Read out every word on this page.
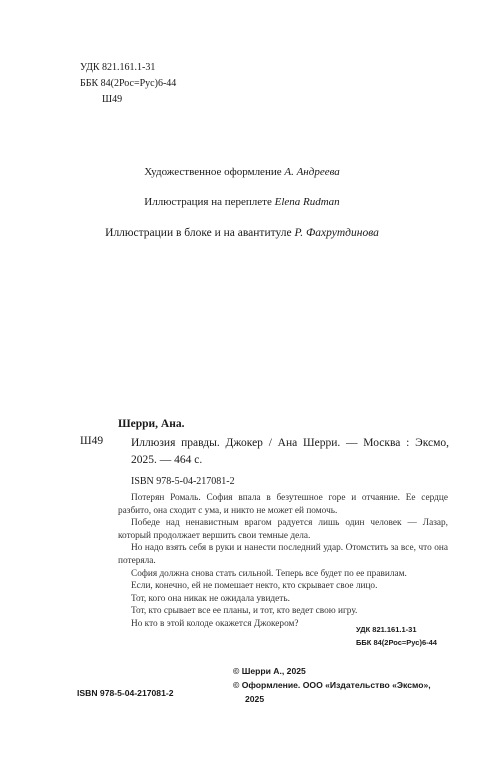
УДК 821.161.1-31
ББК 84(2Рос=Рус)6-44
Ш49
Художественное оформление А. Андреева
Иллюстрация на переплете Elena Rudman
Иллюстрации в блоке и на авантитуле Р. Фахрутдинова
Шерри, Ана.
Ш49 Иллюзия правды. Джокер / Ана Шерри. — Москва : Эксмо, 2025. — 464 с.
ISBN 978-5-04-217081-2

Потерян Ромаль. София впала в безутешное горе и отчаяние. Ее сердце разбито, она сходит с ума, и никто не может ей помочь.

Победе над ненавистным врагом радуется лишь один человек — Лазар, который продолжает вершить свои темные дела.

Но надо взять себя в руки и нанести последний удар. Отомстить за все, что она потеряла.

София должна снова стать сильной. Теперь все будет по ее правилам.

Если, конечно, ей не помешает некто, кто скрывает свое лицо.

Тот, кого она никак не ожидала увидеть.

Тот, кто срывает все ее планы, и тот, кто ведет свою игру.

Но кто в этой колоде окажется Джокером?

УДК 821.161.1-31
ББК 84(2Рос=Рус)6-44
© Шерри А., 2025
© Оформление. ООО «Издательство «Эксмо»,
2025
ISBN 978-5-04-217081-2
